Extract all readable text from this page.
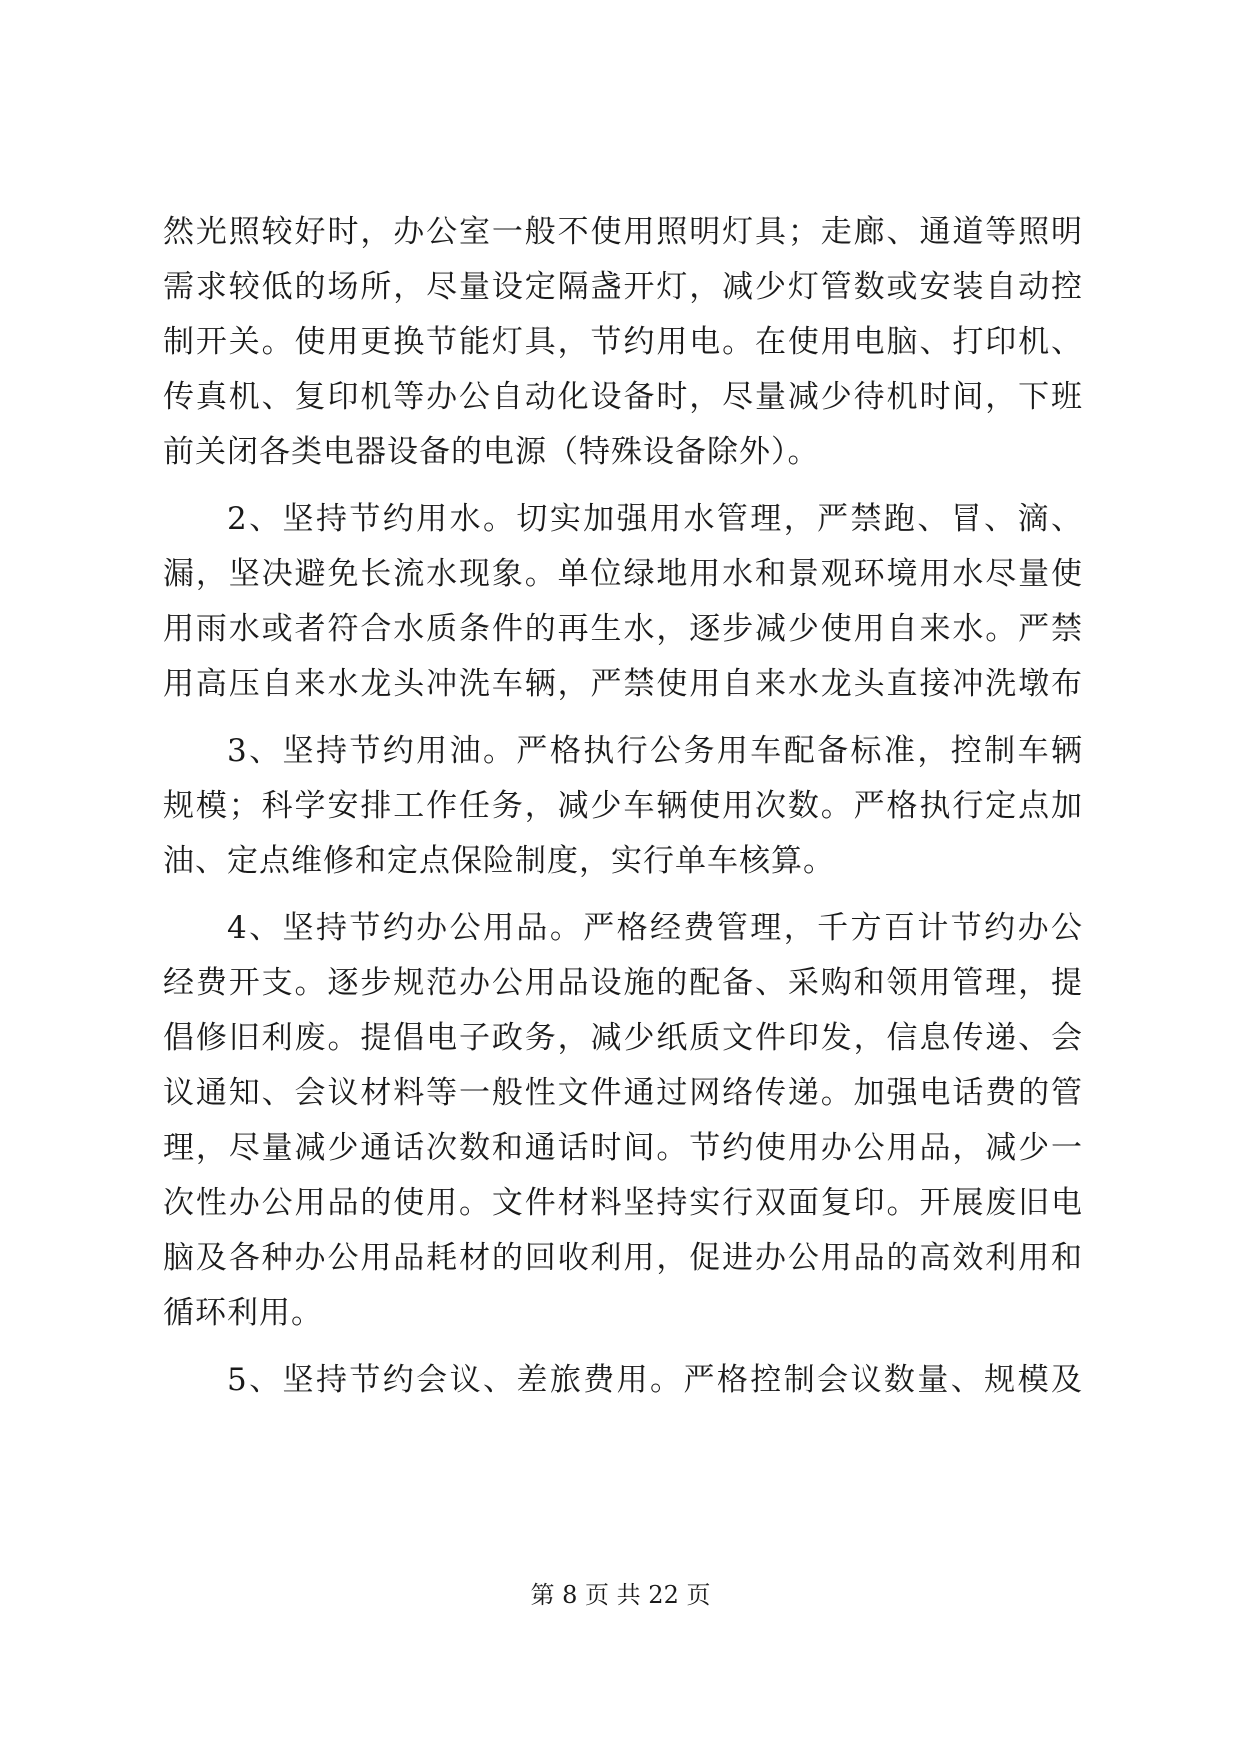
然光照较好时，办公室一般不使用照明灯具；走廊、通道等照明
需求较低的场所，尽量设定隔盏开灯，减少灯管数或安装自动控
制开关。使用更换节能灯具，节约用电。在使用电脑、打印机、
传真机、复印机等办公自动化设备时，尽量减少待机时间，下班
前关闭各类电器设备的电源（特殊设备除外）。
2、坚持节约用水。切实加强用水管理，严禁跑、冒、滴、
漏，坚决避免长流水现象。单位绿地用水和景观环境用水尽量使
用雨水或者符合水质条件的再生水，逐步减少使用自来水。严禁
用高压自来水龙头冲洗车辆，严禁使用自来水龙头直接冲洗墩布
3、坚持节约用油。严格执行公务用车配备标准，控制车辆
规模；科学安排工作任务，减少车辆使用次数。严格执行定点加
油、定点维修和定点保险制度，实行单车核算。
4、坚持节约办公用品。严格经费管理，千方百计节约办公
经费开支。逐步规范办公用品设施的配备、采购和领用管理，提
倡修旧利废。提倡电子政务，减少纸质文件印发，信息传递、会
议通知、会议材料等一般性文件通过网络传递。加强电话费的管
理，尽量减少通话次数和通话时间。节约使用办公用品，减少一
次性办公用品的使用。文件材料坚持实行双面复印。开展废旧电
脑及各种办公用品耗材的回收利用，促进办公用品的高效利用和
循环利用。
5、坚持节约会议、差旅费用。严格控制会议数量、规模及
第 8 页 共 22 页
